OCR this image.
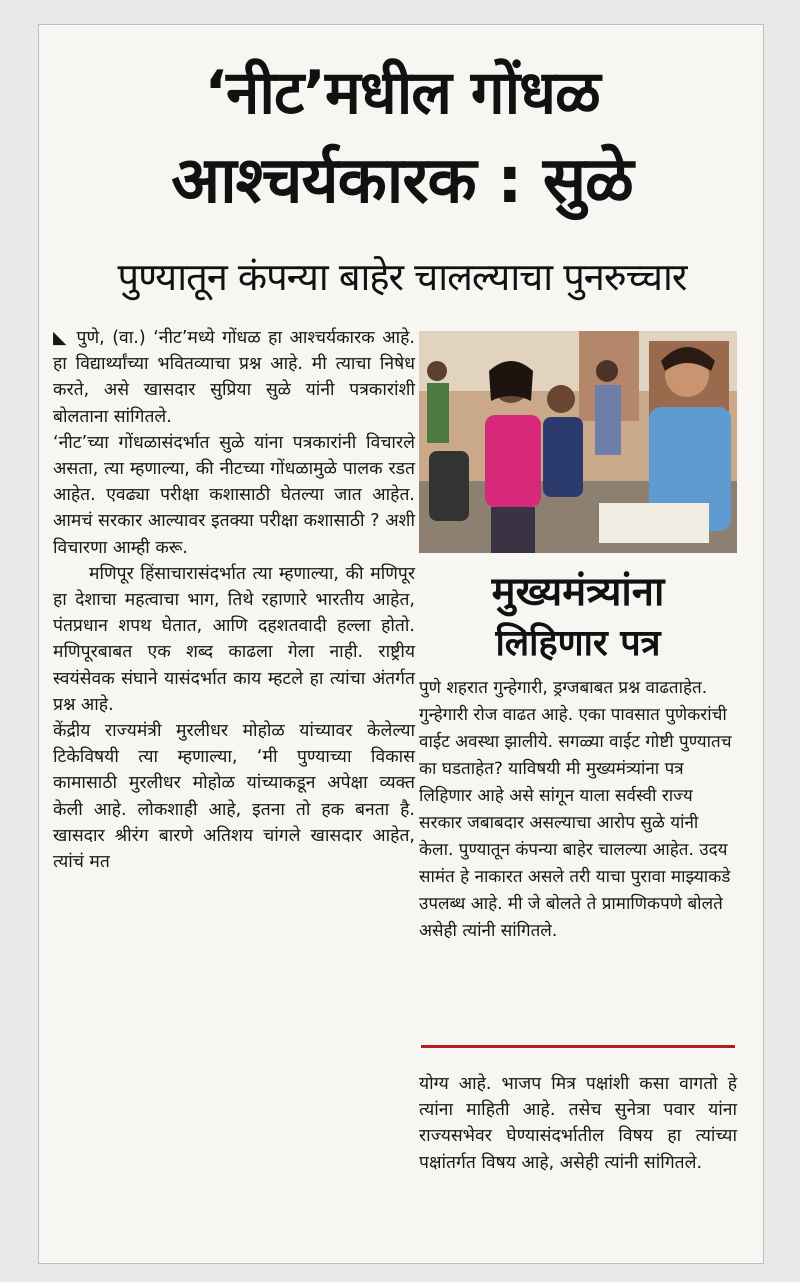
‘नीट’मधील गोंधळ
आश्चर्यकारक : सुळे
पुण्यातून कंपन्या बाहेर चालल्याचा पुनरुच्चार

◣ पुणे, (वा.) ‘नीट’मध्ये गोंधळ हा आश्चर्यकारक आहे. हा विद्यार्थ्यांच्या भवितव्याचा प्रश्न आहे. मी त्याचा निषेध करते, असे खासदार सुप्रिया सुळे यांनी पत्रकारांशी बोलताना सांगितले.

‘नीट’च्या गोंधळासंदर्भात सुळे यांना पत्रकारांनी विचारले असता, त्या म्हणाल्या, की नीटच्या गोंधळामुळे पालक रडत आहेत. एवढ्या परीक्षा कशासाठी घेतल्या जात आहेत. आमचं सरकार आल्यावर इतक्या परीक्षा कशासाठी ? अशी विचारणा आम्ही करू.

मणिपूर हिंसाचारासंदर्भात त्या म्हणाल्या, की मणिपूर हा देशाचा महत्वाचा भाग, तिथे रहाणारे भारतीय आहेत, पंतप्रधान शपथ घेतात, आणि दहशतवादी हल्ला होतो. मणिपूरबाबत एक शब्द काढला गेला नाही. राष्ट्रीय स्वयंसेवक संघाने यासंदर्भात काय म्हटले हा त्यांचा अंतर्गत प्रश्न आहे.

केंद्रीय राज्यमंत्री मुरलीधर मोहोळ यांच्यावर केलेल्या टिकेविषयी त्या म्हणाल्या, ‘मी पुण्याच्या विकास कामासाठी मुरलीधर मोहोळ यांच्याकडून अपेक्षा व्यक्त केली आहे. लोकशाही आहे, इतना तो हक बनता है. खासदार श्रीरंग बारणे अतिशय चांगले खासदार आहेत, त्यांचं मत

मुख्यमंत्र्यांना
लिहिणार पत्र
पुणे शहरात गुन्हेगारी, ड्रग्जबाबत प्रश्न वाढताहेत. गुन्हेगारी रोज वाढत आहे. एका पावसात पुणेकरांची वाईट अवस्था झालीये. सगळ्या वाईट गोष्टी पुण्यातच का घडताहेत? याविषयी मी मुख्यमंत्र्यांना पत्र लिहिणार आहे असे सांगून याला सर्वस्वी राज्य सरकार जबाबदार असल्याचा आरोप सुळे यांनी केला. पुण्यातून कंपन्या बाहेर चालल्या आहेत. उदय सामंत हे नाकारत असले तरी याचा पुरावा माझ्याकडे उपलब्ध आहे. मी जे बोलते ते प्रामाणिकपणे बोलते असेही त्यांनी सांगितले.
योग्य आहे. भाजप मित्र पक्षांशी कसा वागतो हे त्यांना माहिती आहे. तसेच सुनेत्रा पवार यांना राज्यसभेवर घेण्यासंदर्भातील विषय हा त्यांच्या पक्षांतर्गत विषय आहे, असेही त्यांनी सांगितले.
